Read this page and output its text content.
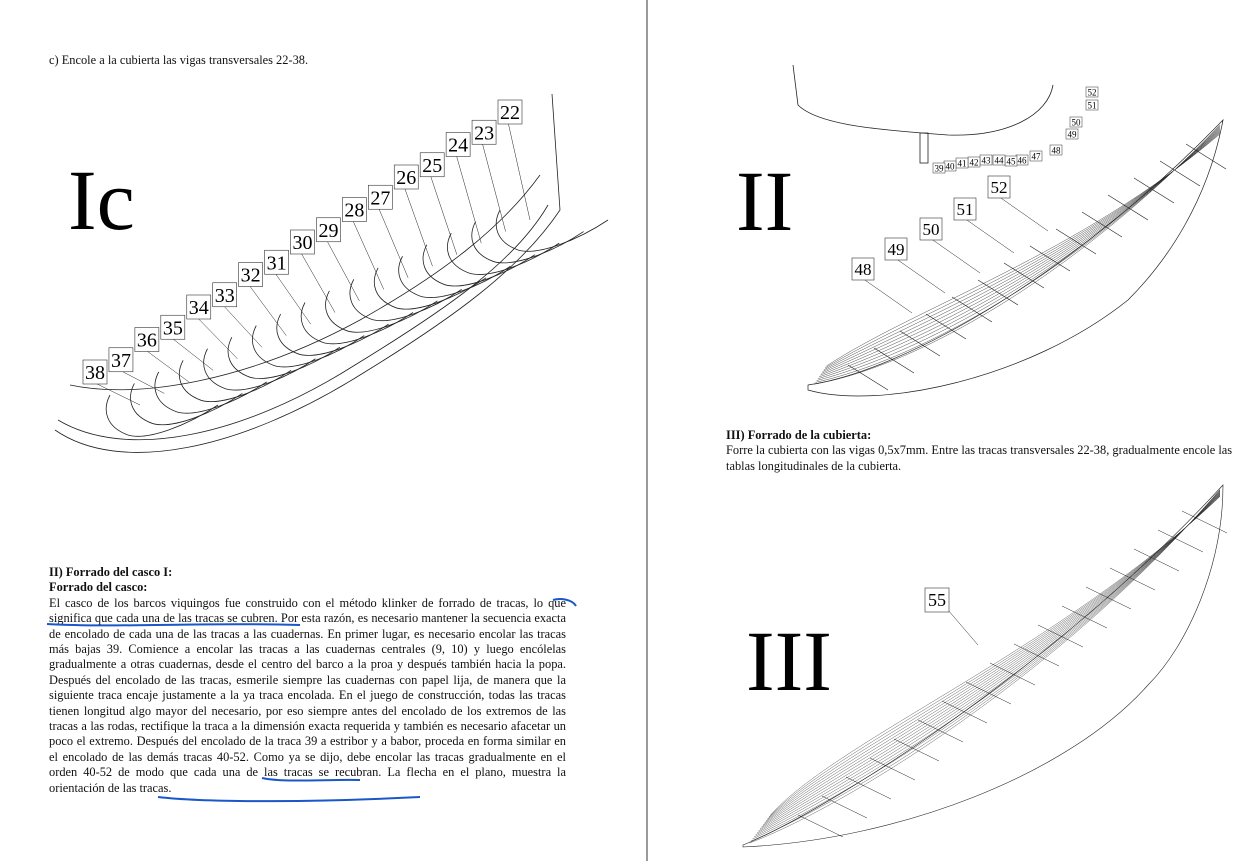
c) Encole a la cubierta las vigas transversales 22-38.
Ic
22
23
24
25
26
27
28
29
30
31
32
33
34
35
36
37
38
II) Forrado del casco I:
Forrado del casco:
El casco de los barcos viquingos fue construido con el método klinker de forrado de tracas, lo que significa que cada una de las tracas se cubren. Por esta razón, es necesario mantener la secuencia exacta de encolado de cada una de las tracas a las cuadernas. En primer lugar, es necesario encolar las tracas más bajas 39. Comience a encolar las tracas a las cuadernas centrales (9, 10) y luego encólelas gradualmente a otras cuadernas, desde el centro del barco a la proa y después también hacia la popa. Después del encolado de las tracas, esmerile siempre las cuadernas con papel lija, de manera que la siguiente traca encaje justamente a la ya traca encolada. En el juego de construcción, todas las tracas tienen longitud algo mayor del necesario, por eso siempre antes del encolado de los extremos de las tracas a las rodas, rectifique la traca a la dimensión exacta requerida y también es necesario afacetar un poco el extremo. Después del encolado de la traca 39 a estribor y a babor, proceda en forma similar en el encolado de las demás tracas 40-52. Como ya se dijo, debe encolar las tracas gradualmente en el orden 40-52 de modo que cada una de las tracas se recubran. La flecha en el plano, muestra la orientación de las tracas.
52
51
50
49
48
47
46
45
44
43
42
41
40
39
II	52
51
50
49
48
III) Forrado de la cubierta:
Forre la cubierta con las vigas 0,5x7mm. Entre las tracas transversales 22-38, gradualmente encole las tablas longitudinales de la cubierta.
III
55
